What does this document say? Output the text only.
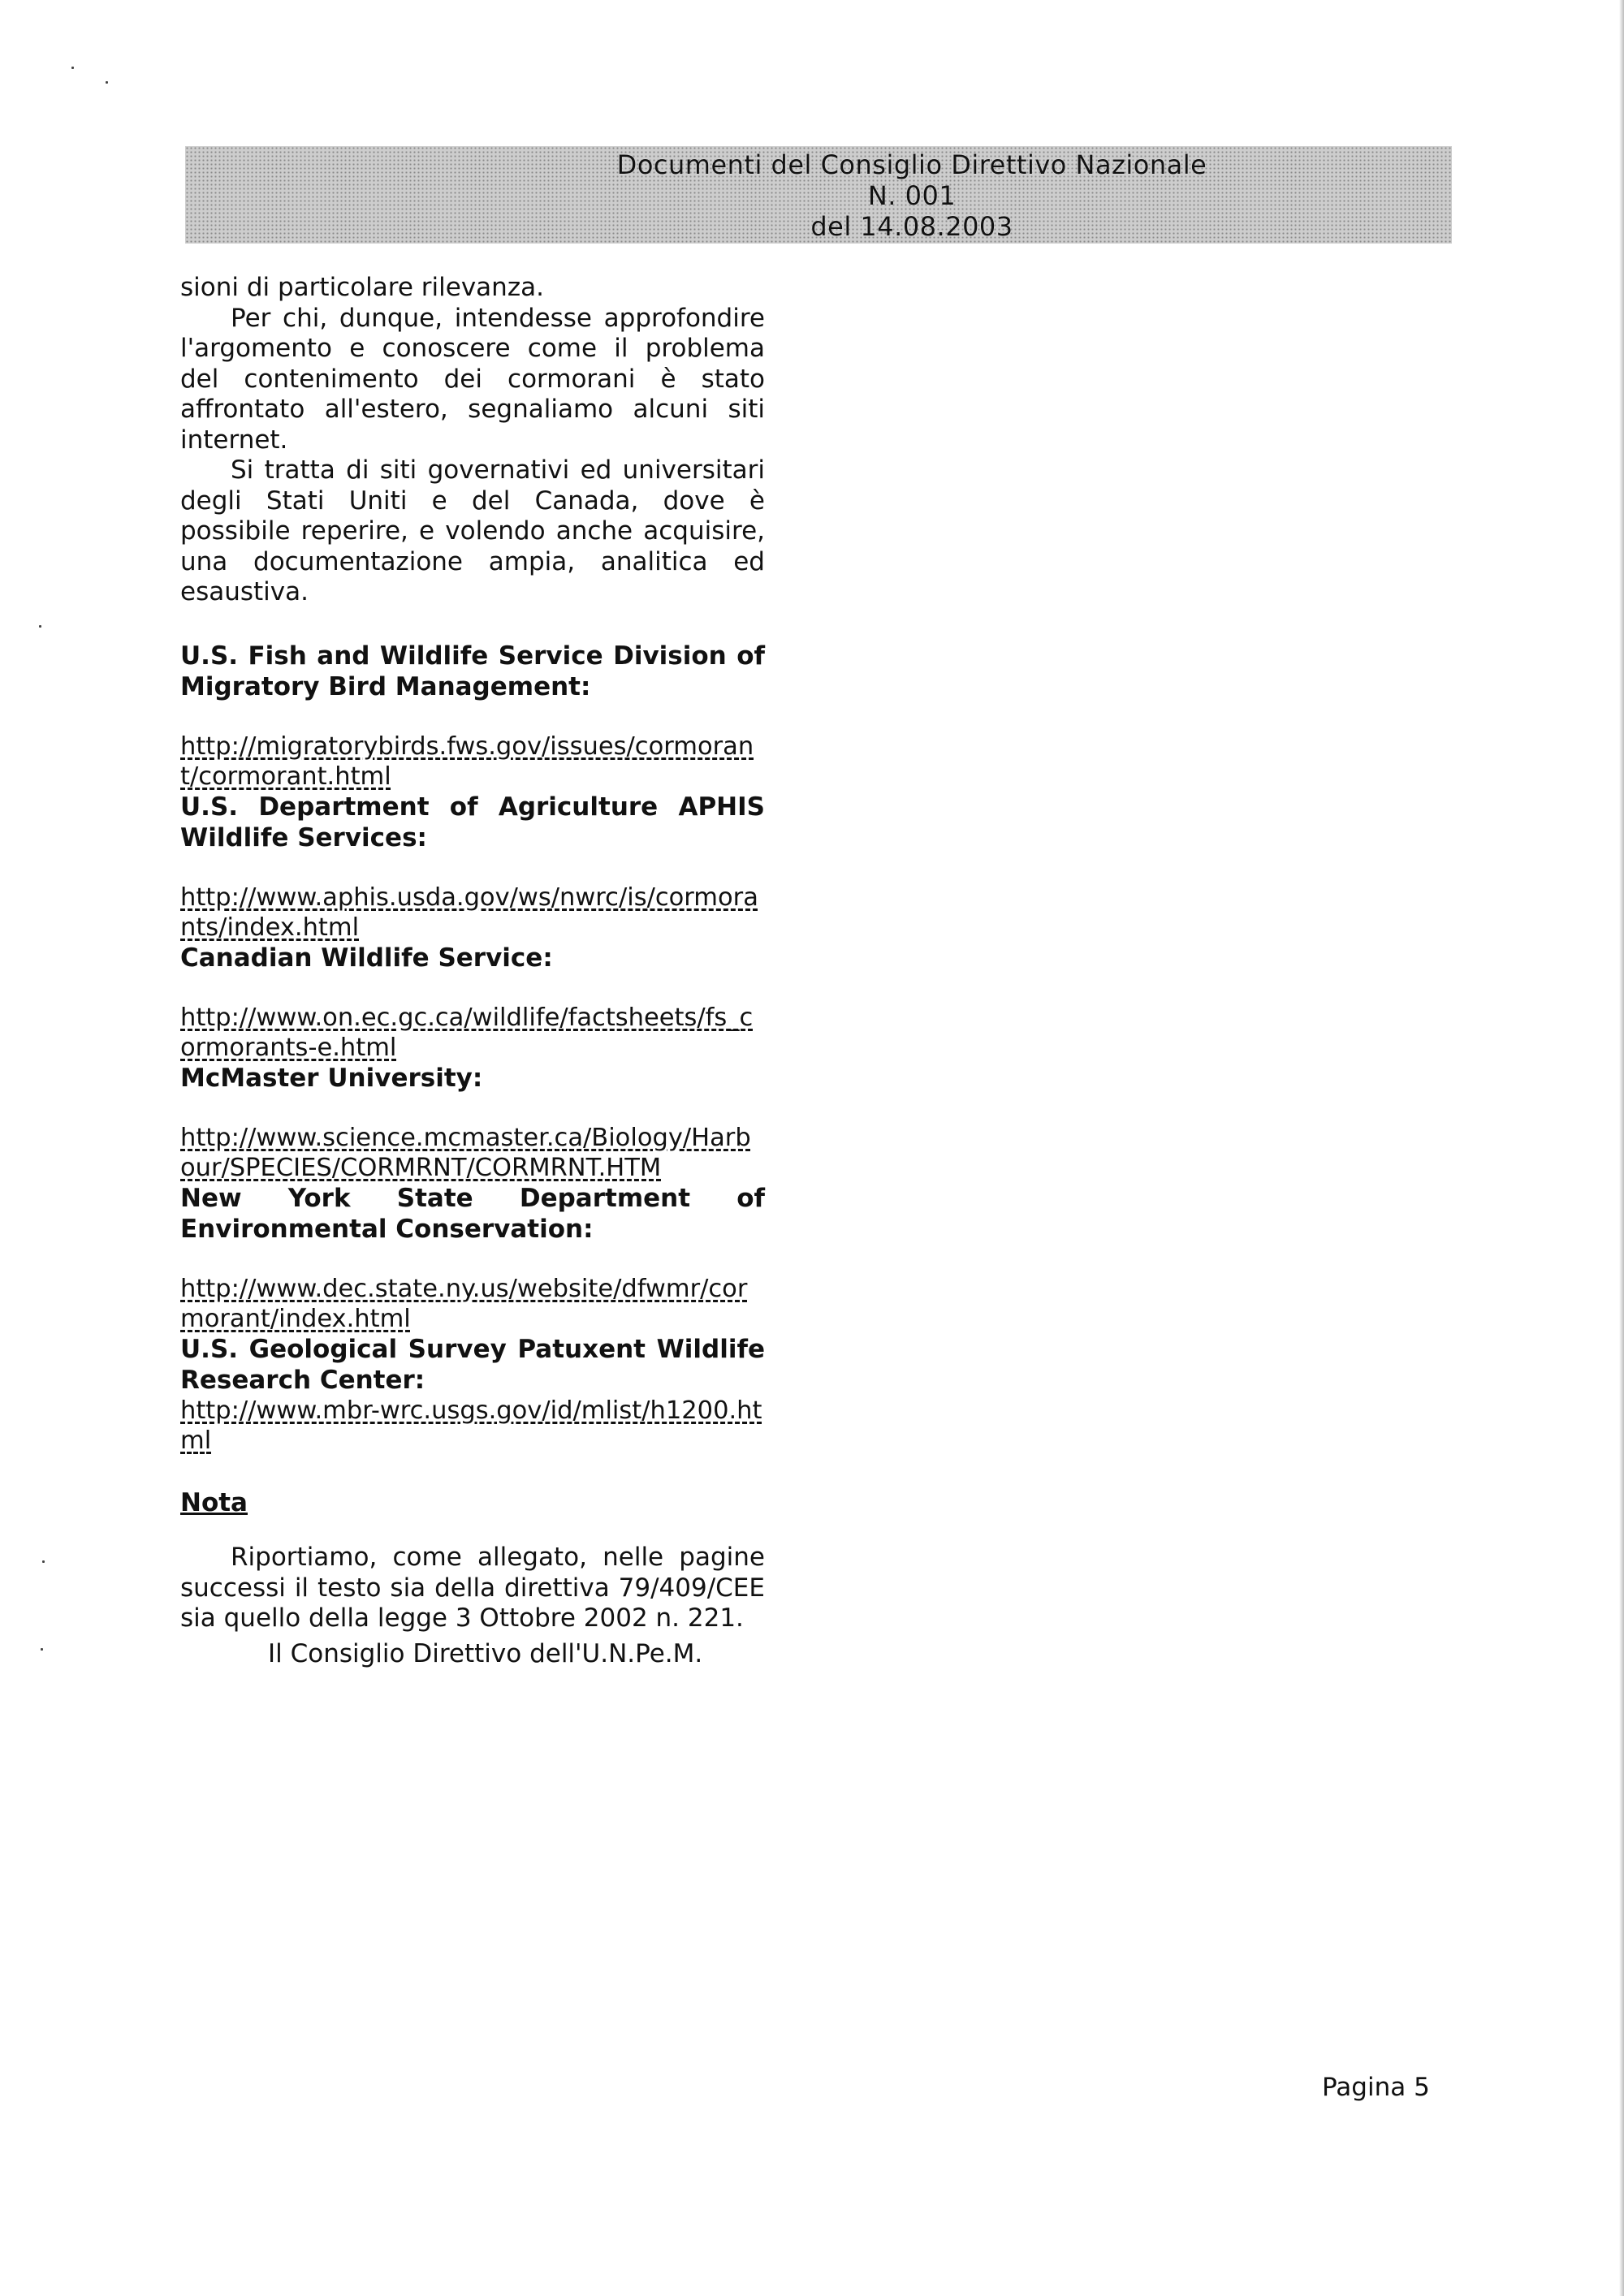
Documenti del Consiglio Direttivo Nazionale
N. 001
del 14.08.2003

sioni di particolare rilevanza.

Per chi, dunque, intendesse approfondire l'argomento e conoscere come il problema del contenimento dei cormorani è stato affrontato all'estero, segnaliamo alcuni siti internet.

Si tratta di siti governativi ed universitari degli Stati Uniti e del Canada, dove è possibile reperire, e volendo anche acquisire, una documentazione ampia, analitica ed esaustiva.

U.S. Fish and Wildlife Service Division of Migratory Bird Management:

http://migratorybirds.fws.gov/issues/cormorant/cormorant.html

U.S. Department of Agriculture APHIS Wildlife Services:

http://www.aphis.usda.gov/ws/nwrc/is/cormorants/index.html

Canadian Wildlife Service:

http://www.on.ec.gc.ca/wildlife/factsheets/fs_cormorants-e.html

McMaster University:

http://www.science.mcmaster.ca/Biology/Harbour/SPECIES/CORMRNT/CORMRNT.HTM

New York State Department of Environmental Conservation:

http://www.dec.state.ny.us/website/dfwmr/cormorant/index.html

U.S. Geological Survey Patuxent Wildlife Research Center:

http://www.mbr-wrc.usgs.gov/id/mlist/h1200.html

Nota

Riportiamo, come allegato, nelle pagine successi il testo sia della direttiva 79/409/CEE sia quello della legge 3 Ottobre 2002 n. 221.

Il Consiglio Direttivo dell'U.N.Pe.M.
Pagina 5
